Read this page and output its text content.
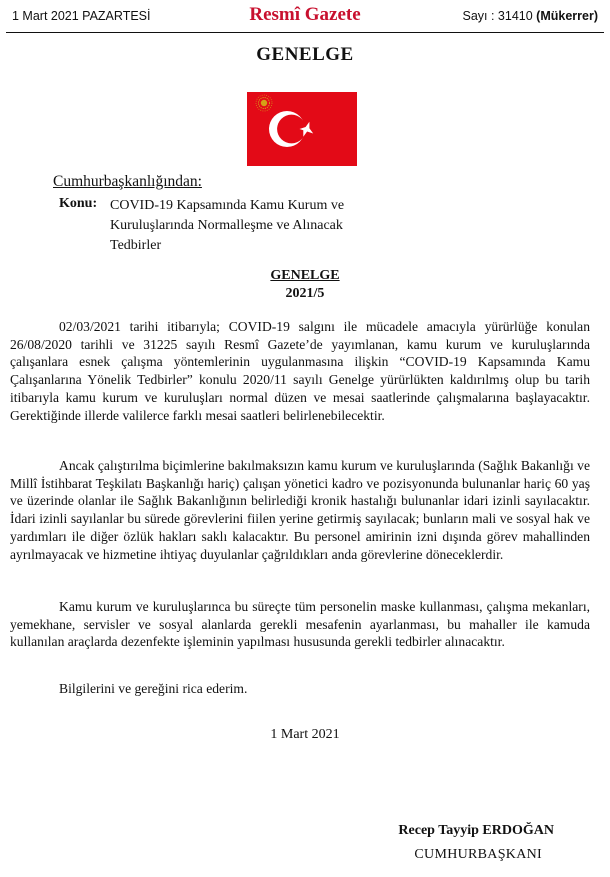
1 Mart 2021 PAZARTESİ	Resmî Gazete	Sayı : 31410 (Mükerrer)
GENELGE
Cumhurbaşkanlığından:
Konu: COVID-19 Kapsamında Kamu Kurum ve Kuruluşlarında Normalleşme ve Alınacak Tedbirler
GENELGE
2021/5

02/03/2021 tarihi itibarıyla; COVID-19 salgını ile mücadele amacıyla yürürlüğe konulan 26/08/2020 tarihli ve 31225 sayılı Resmî Gazete’de yayımlanan, kamu kurum ve kuruluşlarında çalışanlara esnek çalışma yöntemlerinin uygulanmasına ilişkin “COVID-19 Kapsamında Kamu Çalışanlarına Yönelik Tedbirler” konulu 2020/11 sayılı Genelge yürürlükten kaldırılmış olup bu tarih itibarıyla kamu kurum ve kuruluşları normal düzen ve mesai saatlerinde çalışmalarına başlayacaktır. Gerektiğinde illerde valilerce farklı mesai saatleri belirlenebilecektir.

Ancak çalıştırılma biçimlerine bakılmaksızın kamu kurum ve kuruluşlarında (Sağlık Bakanlığı ve Millî İstihbarat Teşkilatı Başkanlığı hariç) çalışan yönetici kadro ve pozisyonunda bulunanlar hariç 60 yaş ve üzerinde olanlar ile Sağlık Bakanlığının belirlediği kronik hastalığı bulunanlar idari izinli sayılacaktır. İdari izinli sayılanlar bu sürede görevlerini fiilen yerine getirmiş sayılacak; bunların mali ve sosyal hak ve yardımları ile diğer özlük hakları saklı kalacaktır. Bu personel amirinin izni dışında görev mahallinden ayrılmayacak ve hizmetine ihtiyaç duyulanlar çağrıldıkları anda görevlerine döneceklerdir.

Kamu kurum ve kuruluşlarınca bu süreçte tüm personelin maske kullanması, çalışma mekanları, yemekhane, servisler ve sosyal alanlarda gerekli mesafenin ayarlanması, bu mahaller ile kamuda kullanılan araçlarda dezenfekte işleminin yapılması hususunda gerekli tedbirler alınacaktır.

Bilgilerini ve gereğini rica ederim.

1 Mart 2021
Recep Tayyip ERDOĞAN
CUMHURBAŞKANI
